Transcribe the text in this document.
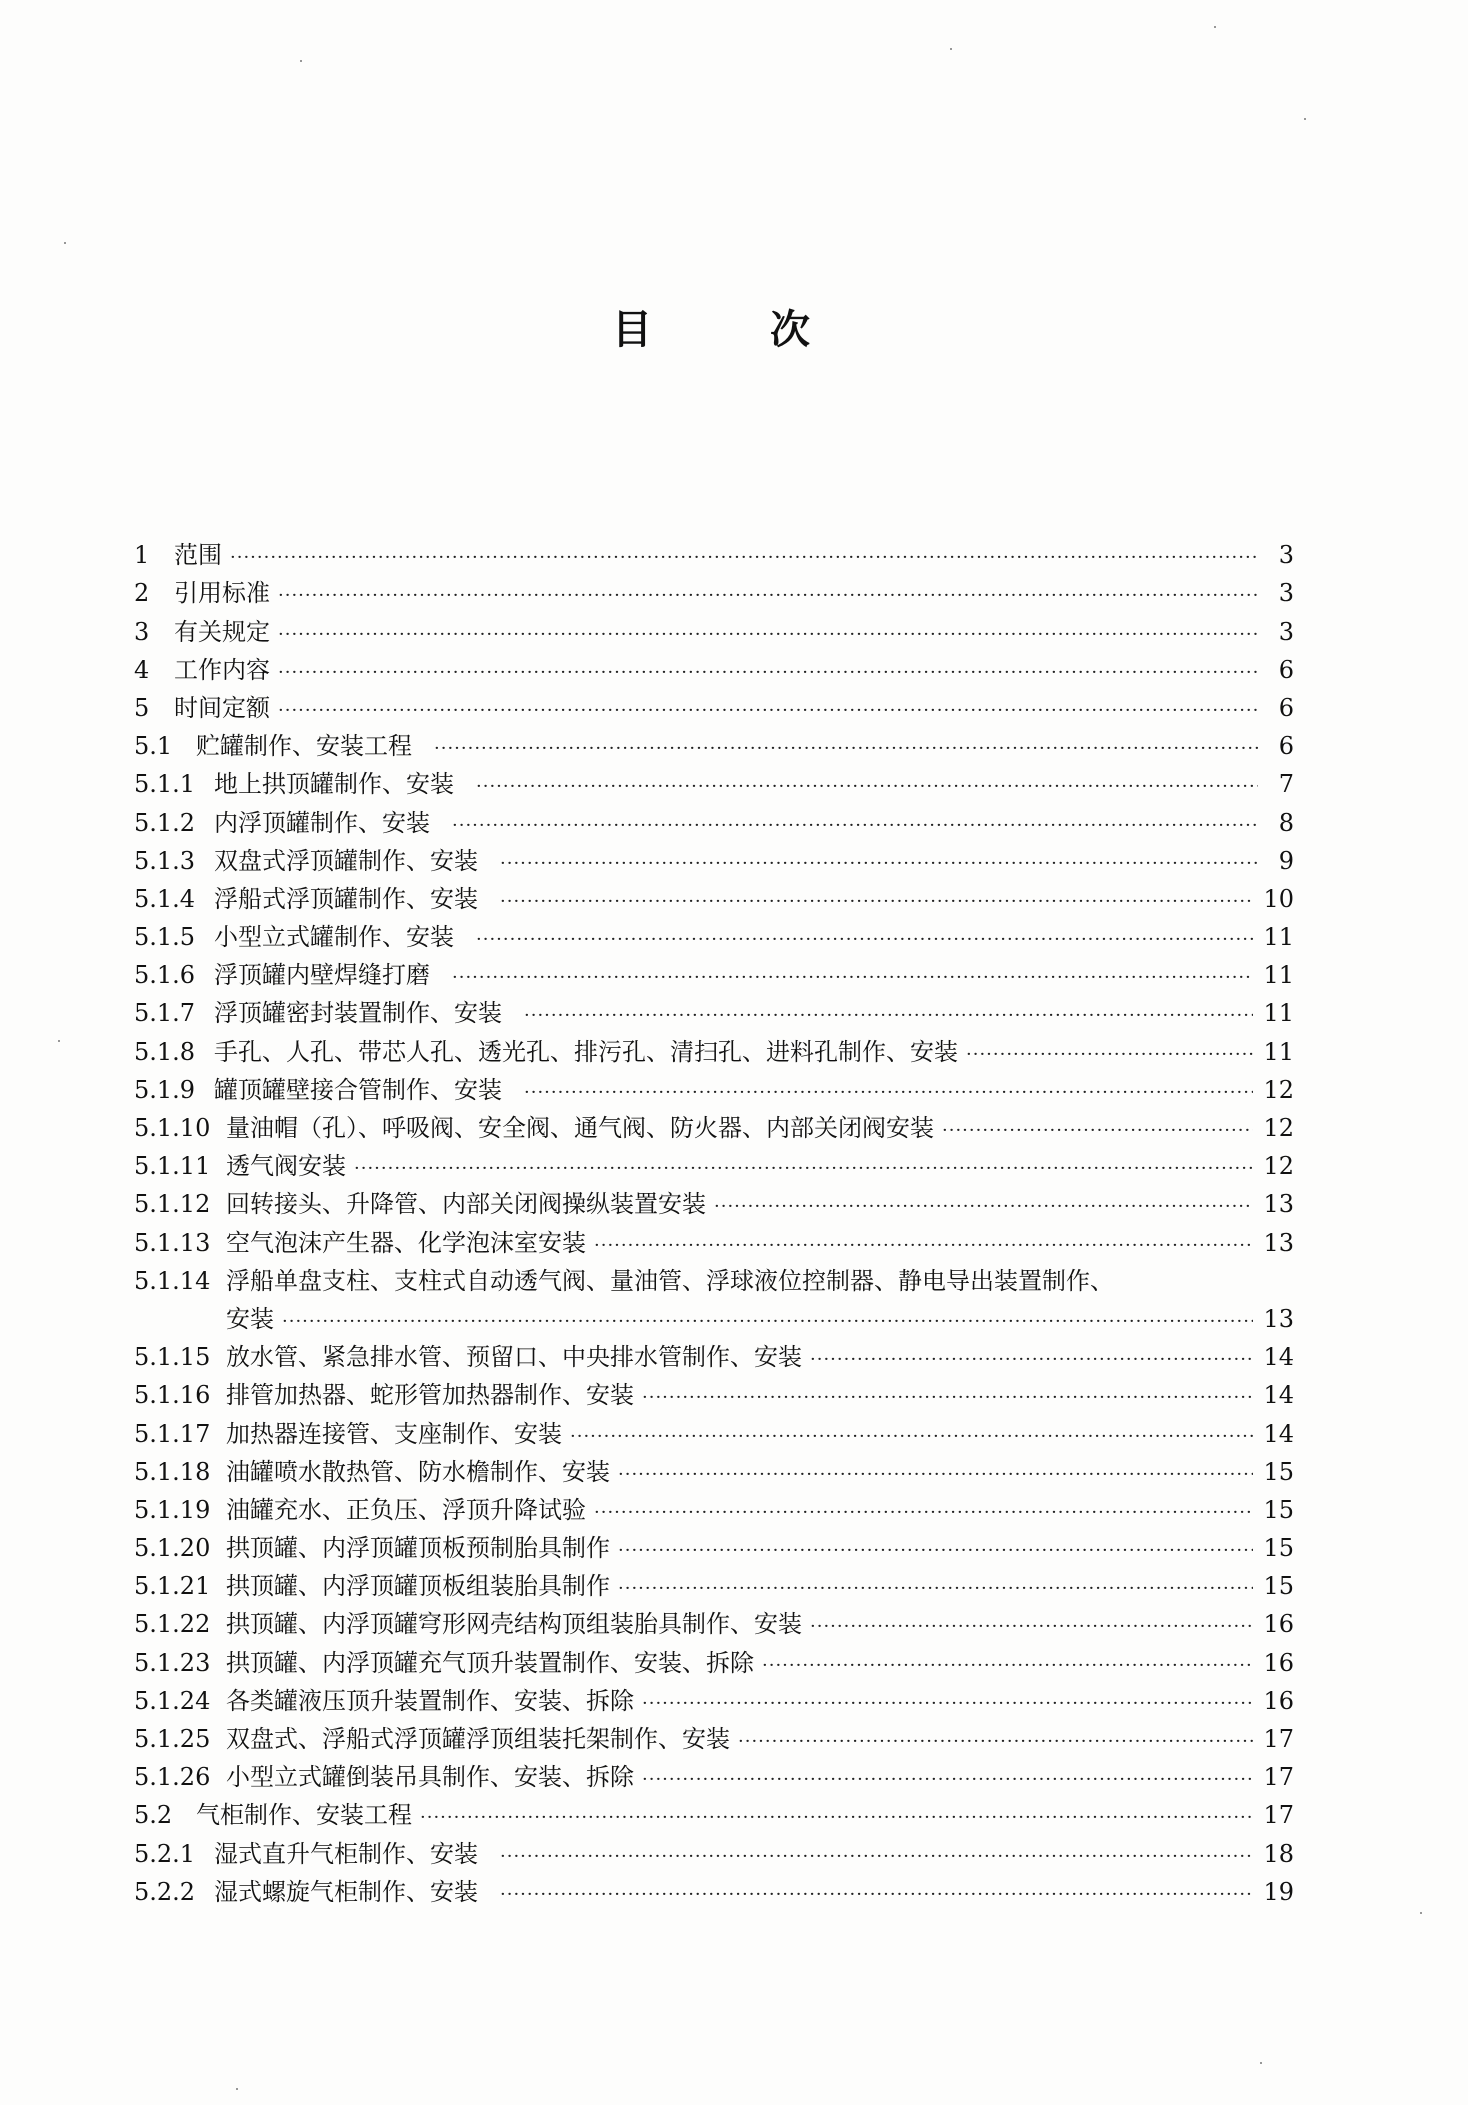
目	次
1	范围 ·····	3
2	引用标准 ·····	3
3	有关规定 ·····	3
4	工作内容 ·····	6
5	时间定额 ·····	6
5.1 贮罐制作、安装工程 ·····	6
5.1.1 地上拱顶罐制作、安装 ·····	7
5.1.2 内浮顶罐制作、安装 ·····	8
5.1.3 双盘式浮顶罐制作、安装 ·····	9
5.1.4 浮船式浮顶罐制作、安装 ·····	10
5.1.5 小型立式罐制作、安装 ·····	11
5.1.6 浮顶罐内壁焊缝打磨 ·····	11
5.1.7 浮顶罐密封装置制作、安装 ·····	11
5.1.8 手孔、人孔、带芯人孔、透光孔、排污孔、清扫孔、进料孔制作、安装 ·····	11
5.1.9 罐顶罐壁接合管制作、安装 ·····	12
5.1.10 量油帽（孔）、呼吸阀、安全阀、通气阀、防火器、内部关闭阀安装 ·····	12
5.1.11 透气阀安装 ·····	12
5.1.12 回转接头、升降管、内部关闭阀操纵装置安装 ·····	13
5.1.13 空气泡沫产生器、化学泡沫室安装 ·····	13
5.1.14 浮船单盘支柱、支柱式自动透气阀、量油管、浮球液位控制器、静电导出装置制作、
安装 ·····	13
5.1.15 放水管、紧急排水管、预留口、中央排水管制作、安装 ·····	14
5.1.16 排管加热器、蛇形管加热器制作、安装 ·····	14
5.1.17 加热器连接管、支座制作、安装 ·····	14
5.1.18 油罐喷水散热管、防水檐制作、安装 ·····	15
5.1.19 油罐充水、正负压、浮顶升降试验 ·····	15
5.1.20 拱顶罐、内浮顶罐顶板预制胎具制作 ·····	15
5.1.21 拱顶罐、内浮顶罐顶板组装胎具制作 ·····	15
5.1.22 拱顶罐、内浮顶罐穹形网壳结构顶组装胎具制作、安装 ·····	16
5.1.23 拱顶罐、内浮顶罐充气顶升装置制作、安装、拆除 ·····	16
5.1.24 各类罐液压顶升装置制作、安装、拆除 ·····	16
5.1.25 双盘式、浮船式浮顶罐浮顶组装托架制作、安装 ·····	17
5.1.26 小型立式罐倒装吊具制作、安装、拆除 ·····	17
5.2 气柜制作、安装工程 ·····	17
5.2.1 湿式直升气柜制作、安装 ·····	18
5.2.2 湿式螺旋气柜制作、安装 ·····	19
